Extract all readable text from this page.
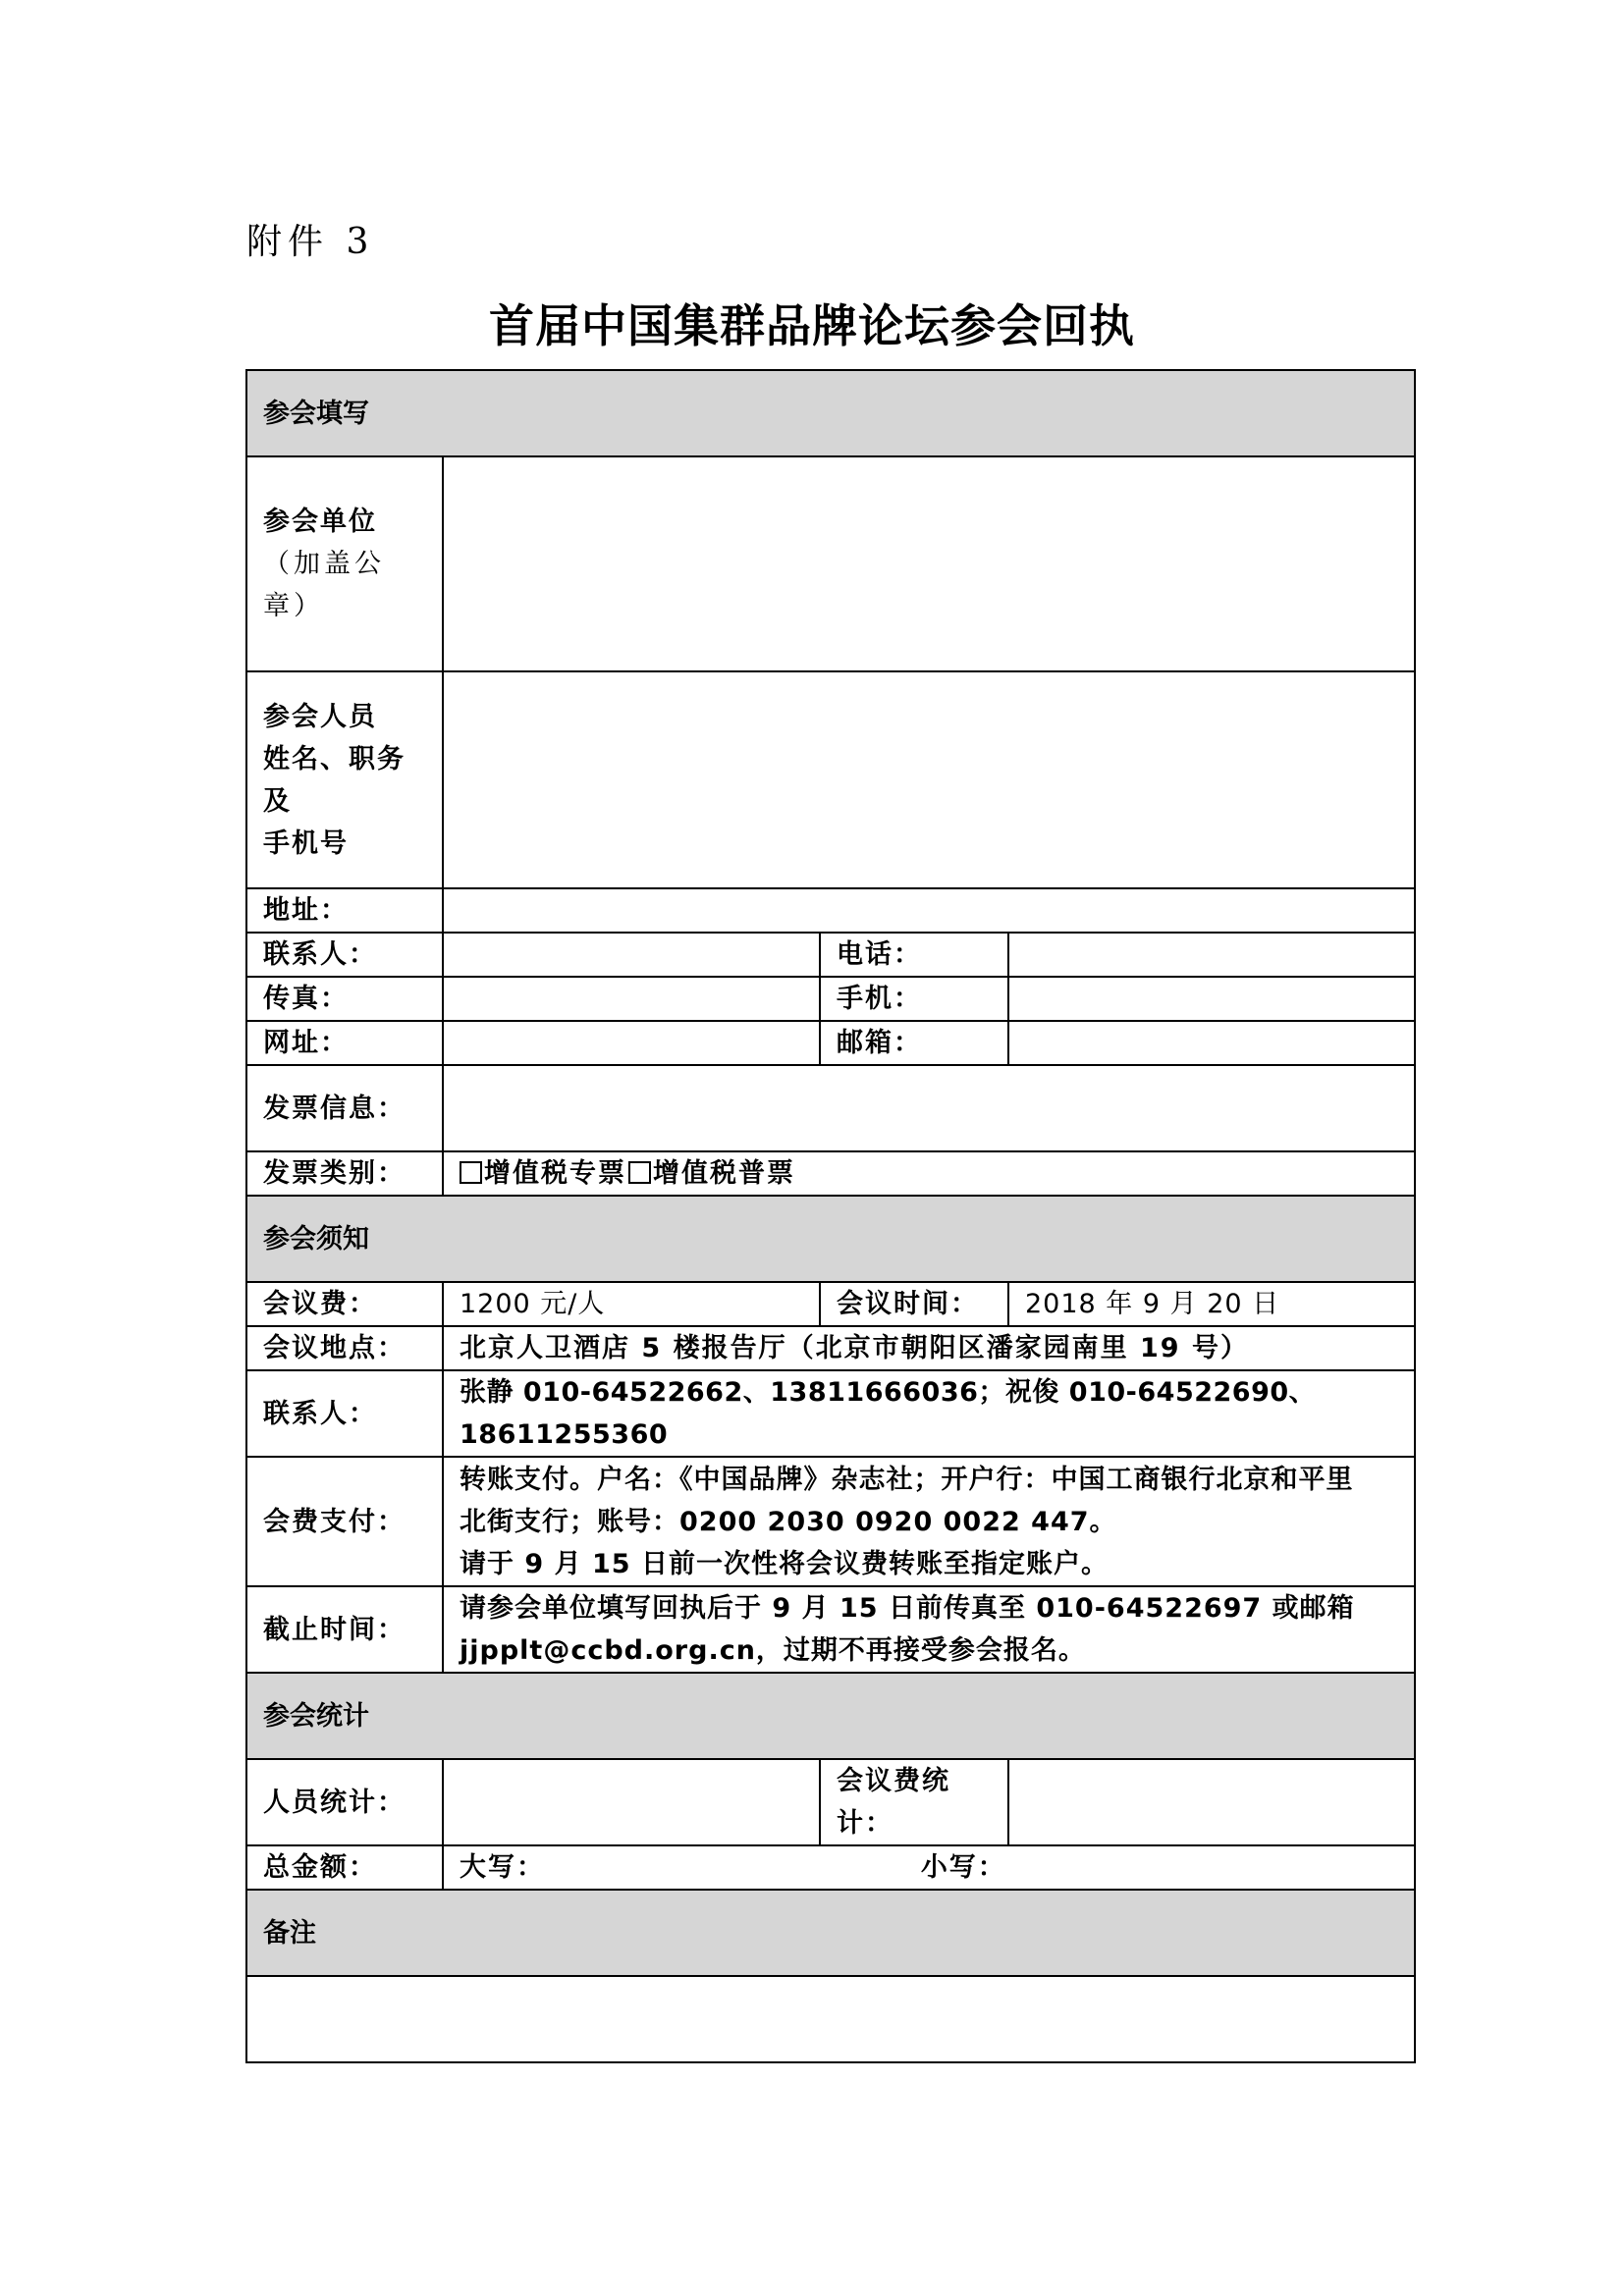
附件 3
首届中国集群品牌论坛参会回执
参会填写			

参会单位
（加盖公章）			

参会人员
姓名、职务及
手机号			

地址：			
联系人：		电话：	
传真：		手机：	
网址：		邮箱：	
发票信息：			
发票类别：	增值税专票 增值税普票		
参会须知			
会议费：	1200 元/人	会议时间：	2018 年 9 月 20 日
会议地点：	北京人卫酒店 5 楼报告厅（北京市朝阳区潘家园南里 19 号）		
联系人：	张静 010-64522662、13811666036；祝俊 010-64522690、18611255360		
会费支付：	转账支付。户名：《中国品牌》杂志社；开户行：中国工商银行北京和平里
北街支行；账号：0200 2030 0920 0022 447。
请于 9 月 15 日前一次性将会议费转账至指定账户。		

截止时间：	请参会单位填写回执后于 9 月 15 日前传真至 010-64522697 或邮箱
jjpplt@ccbd.org.cn，过期不再接受参会报名。		

参会统计			
人员统计：		会议费统计：	
总金额：	大写： 小写：		
备注			
